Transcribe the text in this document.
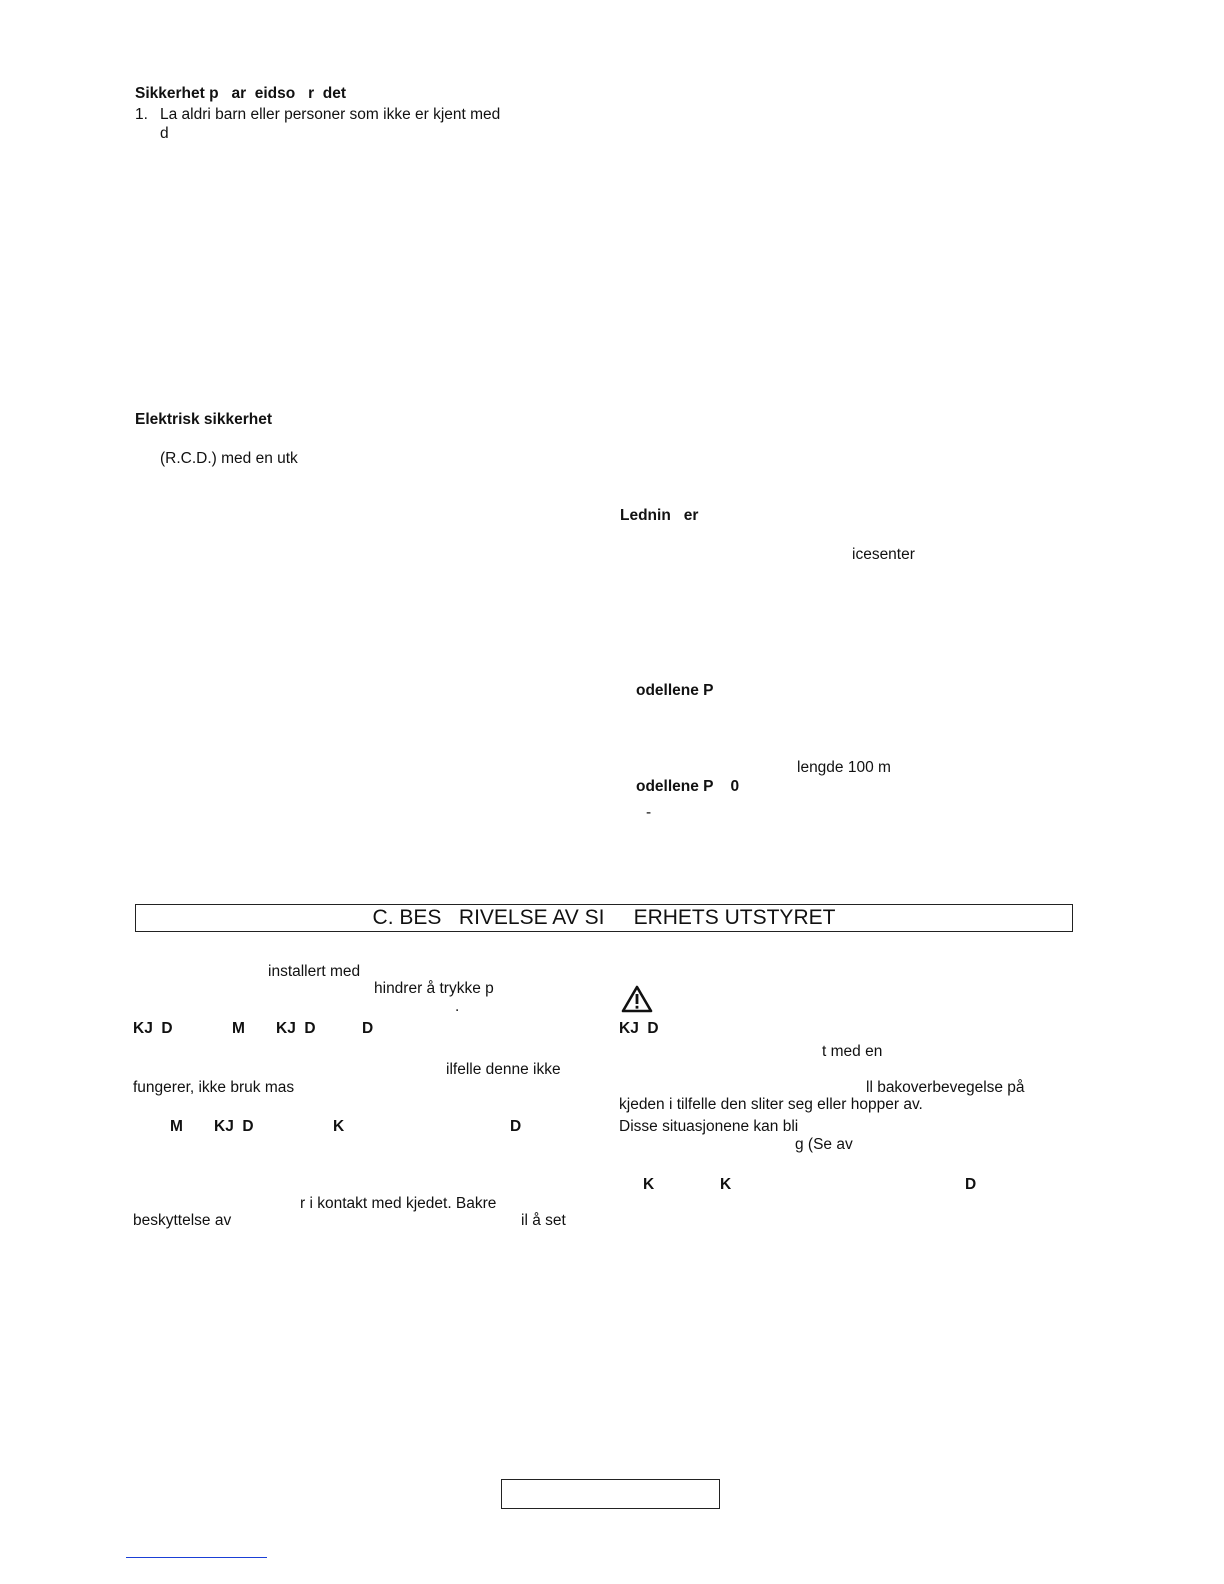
Sikkerhet p   ar  eidso   r  det
1. La aldri barn eller personer som ikke er kjent med
d
Elektrisk sikkerhet
(R.C.D.) med en utk
Lednin   er
icesenter
odellene P
lengde 100 m
odellene P    0
-
C. BES   RIVELSE AV SI     ERHETS UTSTYRET
installert med
hindrer å trykke p
.
KJ  D	M KJ  D	D
ilfelle denne ikke
fungerer, ikke bruk mas
M KJ  D	K	D
r i kontakt med kjedet. Bakre
beskyttelse av	il å set
KJ  D
t med en
ll bakoverbevegelse på
kjeden i tilfelle den sliter seg eller hopper av.
Disse situasjonene kan bli
g (Se av
K	K	D
